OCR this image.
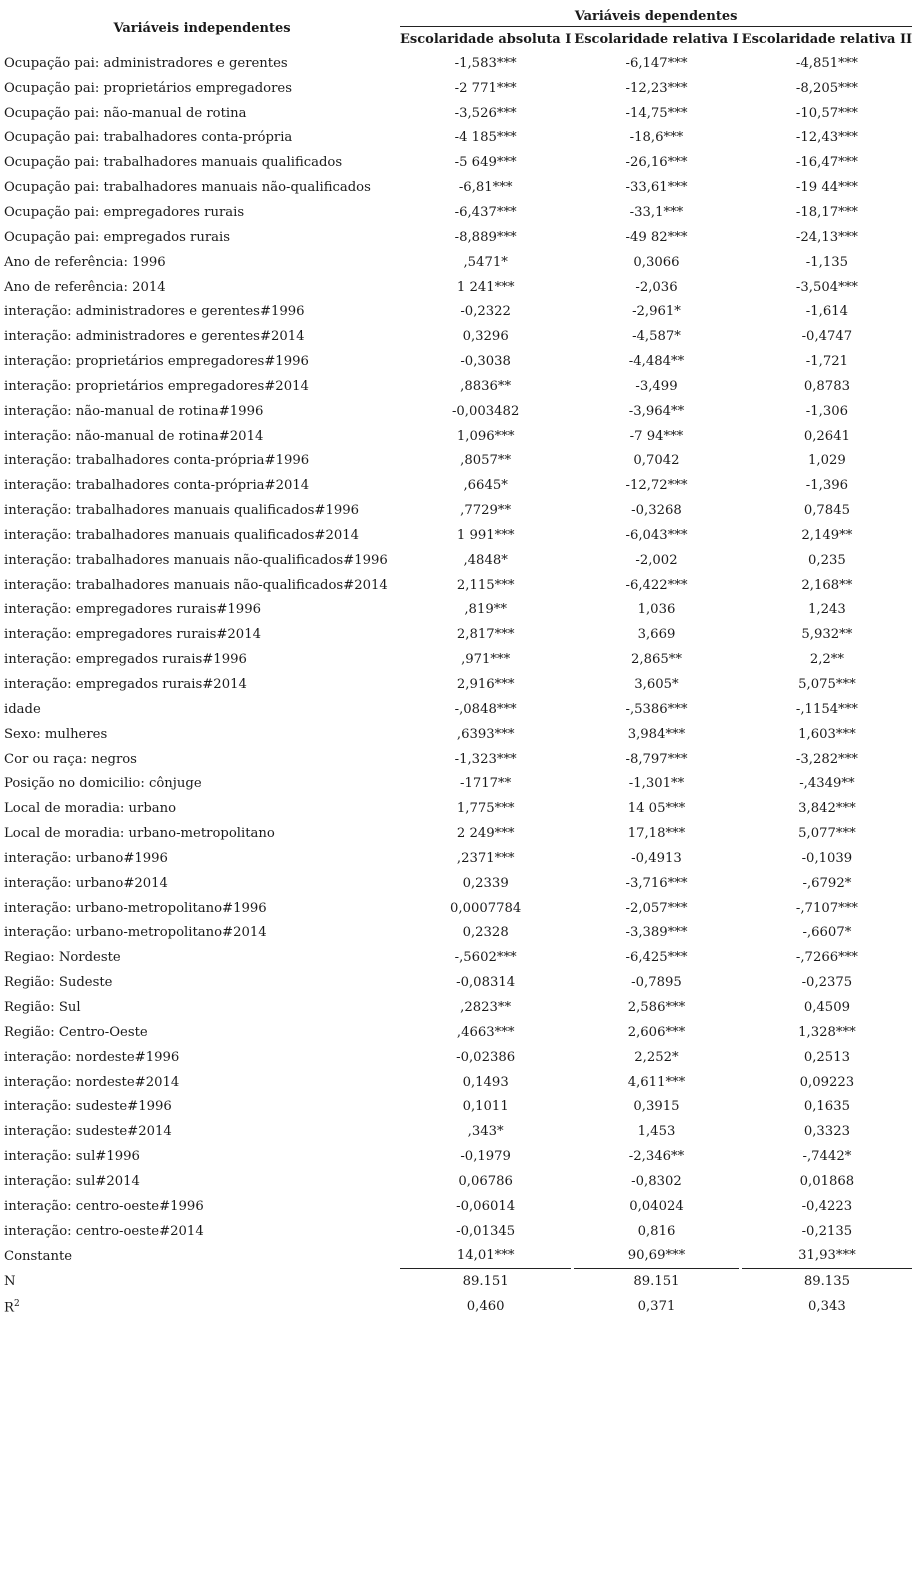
Variáveis independentes	Variáveis dependentes				
	Escolaridade absoluta I		Escolaridade relativa I		Escolaridade relativa II
Ocupação pai: administradores e gerentes	-1,583***		-6,147***		-4,851***
Ocupação pai: proprietários empregadores	-2 771***		-12,23***		-8,205***
Ocupação pai: não-manual de rotina	-3,526***		-14,75***		-10,57***
Ocupação pai: trabalhadores conta-própria	-4 185***		-18,6***		-12,43***
Ocupação pai: trabalhadores manuais qualificados	-5 649***		-26,16***		-16,47***
Ocupação pai: trabalhadores manuais não-qualificados	-6,81***		-33,61***		-19 44***
Ocupação pai: empregadores rurais	-6,437***		-33,1***		-18,17***
Ocupação pai: empregados rurais	-8,889***		-49 82***		-24,13***
Ano de referência: 1996	,5471*		0,3066		-1,135
Ano de referência: 2014	1 241***		-2,036		-3,504***
interação: administradores e gerentes#1996	-0,2322		-2,961*		-1,614
interação: administradores e gerentes#2014	0,3296		-4,587*		-0,4747
interação: proprietários empregadores#1996	-0,3038		-4,484**		-1,721
interação: proprietários empregadores#2014	,8836**		-3,499		0,8783
interação: não-manual de rotina#1996	-0,003482		-3,964**		-1,306
interação: não-manual de rotina#2014	1,096***		-7 94***		0,2641
interação: trabalhadores conta-própria#1996	,8057**		0,7042		1,029
interação: trabalhadores conta-própria#2014	,6645*		-12,72***		-1,396
interação: trabalhadores manuais qualificados#1996	,7729**		-0,3268		0,7845
interação: trabalhadores manuais qualificados#2014	1 991***		-6,043***		2,149**
interação: trabalhadores manuais não-qualificados#1996	,4848*		-2,002		0,235
interação: trabalhadores manuais não-qualificados#2014	2,115***		-6,422***		2,168**
interação: empregadores rurais#1996	,819**		1,036		1,243
interação: empregadores rurais#2014	2,817***		3,669		5,932**
interação: empregados rurais#1996	,971***		2,865**		2,2**
interação: empregados rurais#2014	2,916***		3,605*		5,075***
idade	-,0848***		-,5386***		-,1154***
Sexo: mulheres	,6393***		3,984***		1,603***
Cor ou raça: negros	-1,323***		-8,797***		-3,282***
Posição no domicilio: cônjuge	-1717**		-1,301**		-,4349**
Local de moradia: urbano	1,775***		14 05***		3,842***
Local de moradia: urbano-metropolitano	2 249***		17,18***		5,077***
interação: urbano#1996	,2371***		-0,4913		-0,1039
interação: urbano#2014	0,2339		-3,716***		-,6792*
interação: urbano-metropolitano#1996	0,0007784		-2,057***		-,7107***
interação: urbano-metropolitano#2014	0,2328		-3,389***		-,6607*
Regiao: Nordeste	-,5602***		-6,425***		-,7266***
Região: Sudeste	-0,08314		-0,7895		-0,2375
Região: Sul	,2823**		2,586***		0,4509
Região: Centro-Oeste	,4663***		2,606***		1,328***
interação: nordeste#1996	-0,02386		2,252*		0,2513
interação: nordeste#2014	0,1493		4,611***		0,09223
interação: sudeste#1996	0,1011		0,3915		0,1635
interação: sudeste#2014	,343*		1,453		0,3323
interação: sul#1996	-0,1979		-2,346**		-,7442*
interação: sul#2014	0,06786		-0,8302		0,01868
interação: centro-oeste#1996	-0,06014		0,04024		-0,4223
interação: centro-oeste#2014	-0,01345		0,816		-0,2135
Constante	14,01***		90,69***		31,93***
N	89.151		89.151		89.135
$R^2$	0,460		0,371		0,343
